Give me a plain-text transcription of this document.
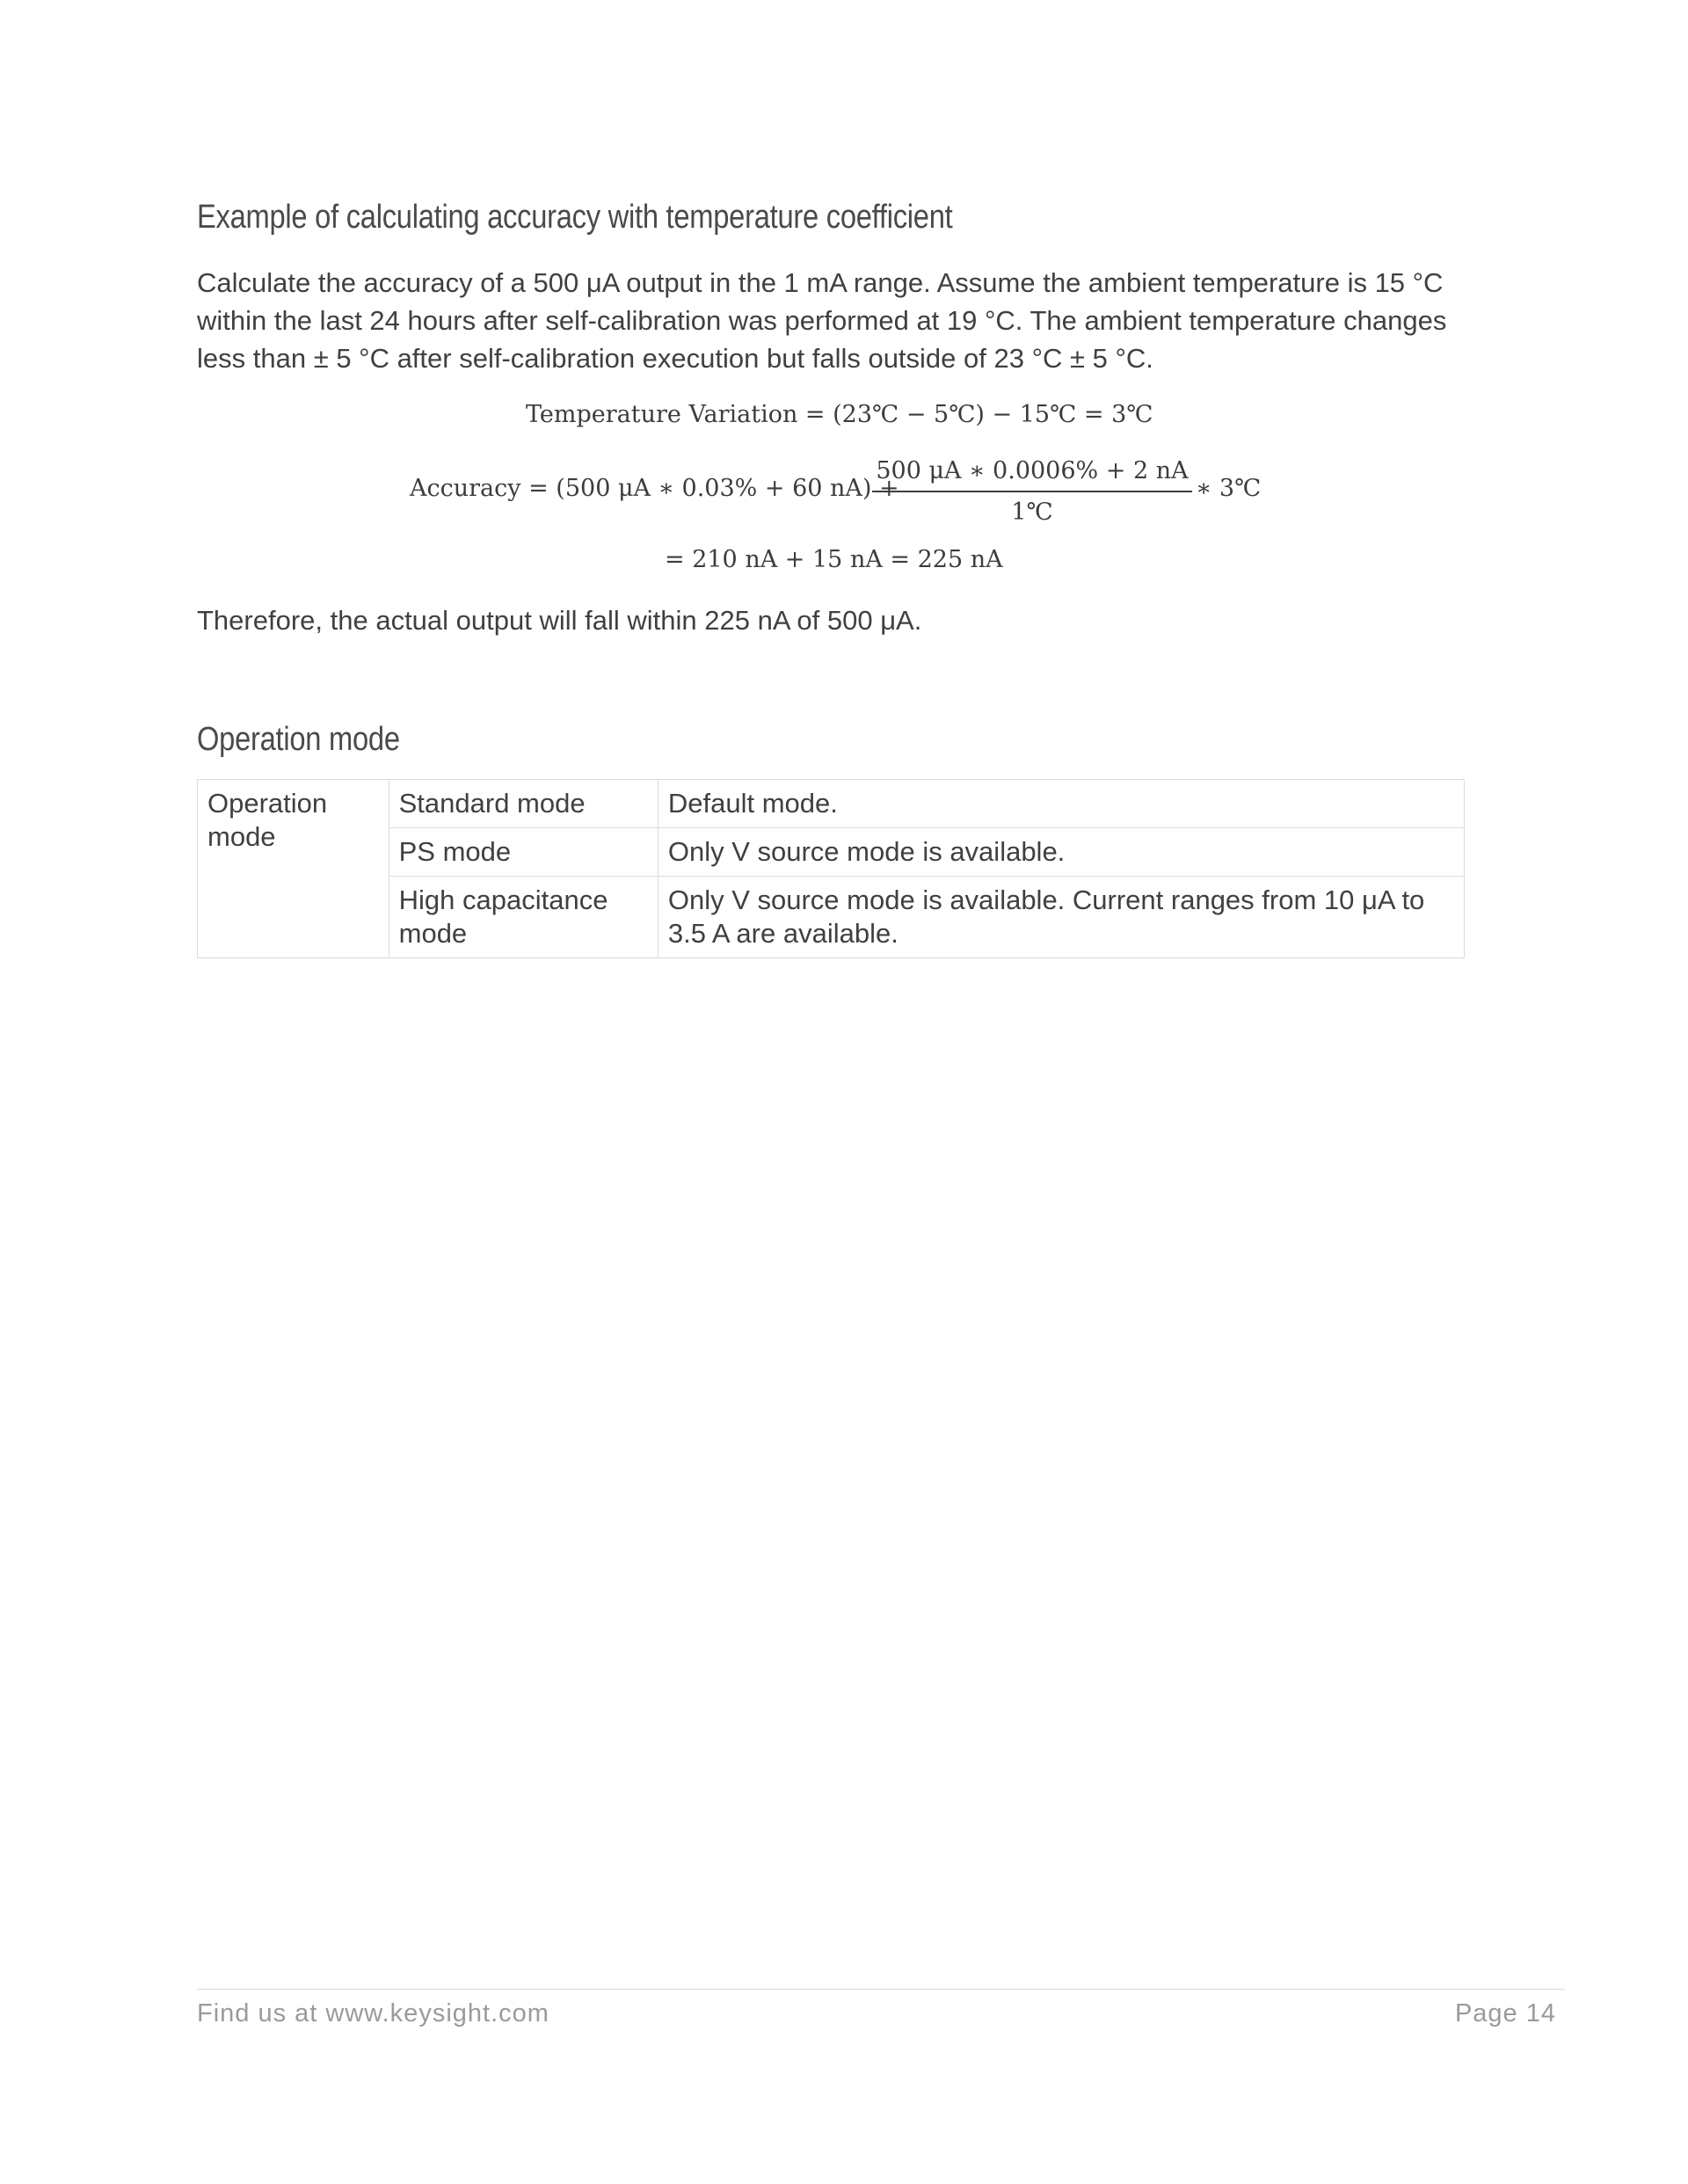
Example of calculating accuracy with temperature coefficient

Calculate the accuracy of a 500 μA output in the 1 mA range. Assume the ambient temperature is 15 °C within the last 24 hours after self-calibration was performed at 19 °C. The ambient temperature changes less than ± 5 °C after self-calibration execution but falls outside of 23 °C ± 5 °C.

Temperature Variation = (23℃ − 5℃) − 15℃ = 3℃
Accuracy = (500 μA ∗ 0.03% + 60 nA) +
500 μA ∗ 0.0006% + 2 nA
1℃
∗ 3℃
= 210 nA + 15 nA = 225 nA

Therefore, the actual output will fall within 225 nA of 500 μA.

Operation mode
Operation mode	Standard mode	Default mode.
	PS mode	Only V source mode is available.
	High capacitance mode	Only V source mode is available. Current ranges from 10 μA to 3.5 A are available.
Find us at www.keysight.com	Page 14
